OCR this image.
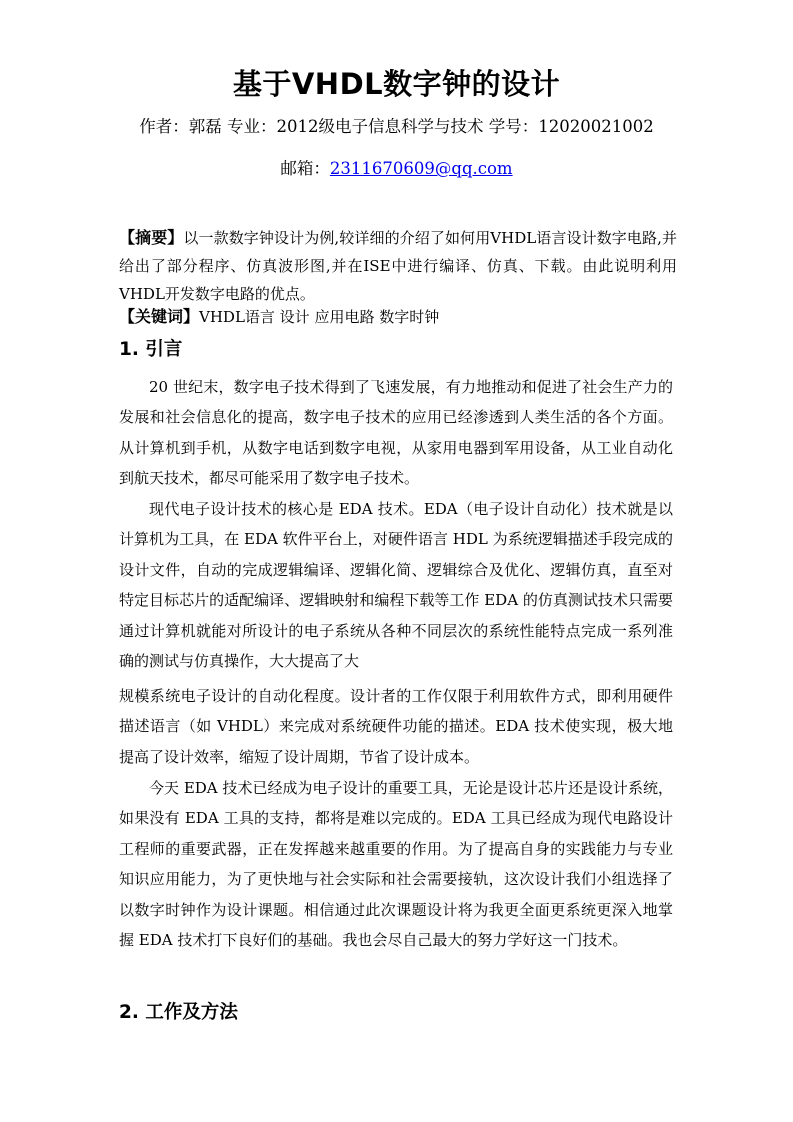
基于VHDL数字钟的设计
作者：郭磊 专业：2012级电子信息科学与技术 学号：12020021002
邮箱：2311670609@qq.com

【摘要】以一款数字钟设计为例,较详细的介绍了如何用VHDL语言设计数字电路,并给出了部分程序、仿真波形图,并在ISE中进行编译、仿真、下载。由此说明利用VHDL开发数字电路的优点。

【关键词】VHDL语言 设计 应用电路 数字时钟

1. 引言

20 世纪末，数字电子技术得到了飞速发展，有力地推动和促进了社会生产力的发展和社会信息化的提高，数字电子技术的应用已经渗透到人类生活的各个方面。从计算机到手机，从数字电话到数字电视，从家用电器到军用设备，从工业自动化到航天技术，都尽可能采用了数字电子技术。

现代电子设计技术的核心是 EDA 技术。EDA（电子设计自动化）技术就是以计算机为工具，在 EDA 软件平台上，对硬件语言 HDL 为系统逻辑描述手段完成的设计文件，自动的完成逻辑编译、逻辑化简、逻辑综合及优化、逻辑仿真，直至对特定目标芯片的适配编译、逻辑映射和编程下载等工作 EDA 的仿真测试技术只需要通过计算机就能对所设计的电子系统从各种不同层次的系统性能特点完成一系列准确的测试与仿真操作，大大提高了大

规模系统电子设计的自动化程度。设计者的工作仅限于利用软件方式，即利用硬件描述语言（如 VHDL）来完成对系统硬件功能的描述。EDA 技术使实现，极大地提高了设计效率，缩短了设计周期，节省了设计成本。

今天 EDA 技术已经成为电子设计的重要工具，无论是设计芯片还是设计系统，如果没有 EDA 工具的支持，都将是难以完成的。EDA 工具已经成为现代电路设计工程师的重要武器，正在发挥越来越重要的作用。为了提高自身的实践能力与专业知识应用能力，为了更快地与社会实际和社会需要接轨，这次设计我们小组选择了以数字时钟作为设计课题。相信通过此次课题设计将为我更全面更系统更深入地掌握 EDA 技术打下良好们的基础。我也会尽自己最大的努力学好这一门技术。

2. 工作及方法
